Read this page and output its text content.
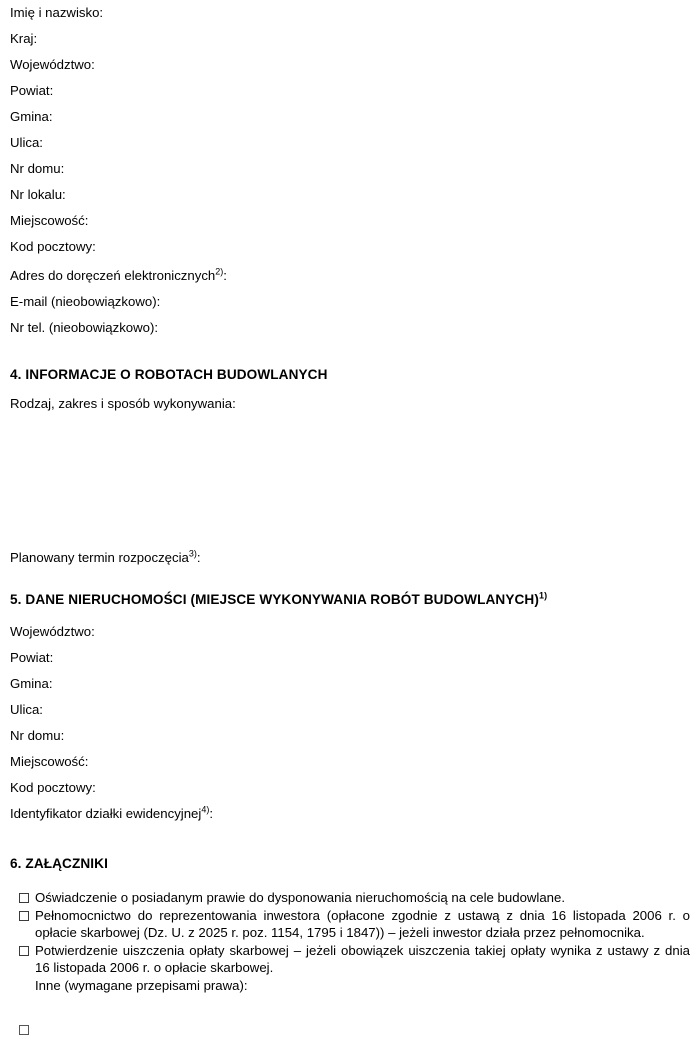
Imię i nazwisko:
Kraj:
Województwo:
Powiat:
Gmina:
Ulica:
Nr domu:
Nr lokalu:
Miejscowość:
Kod pocztowy:
Adres do doręczeń elektronicznych$^{2)}$:
E-mail (nieobowiązkowo):
Nr tel. (nieobowiązkowo):
4. INFORMACJE O ROBOTACH BUDOWLANYCH
Rodzaj, zakres i sposób wykonywania:
Planowany termin rozpoczęcia$^{3)}$:
5. DANE NIERUCHOMOŚCI (MIEJSCE WYKONYWANIA ROBÓT BUDOWLANYCH)$^{1)}$
Województwo:
Powiat:
Gmina:
Ulica:
Nr domu:
Miejscowość:
Kod pocztowy:
Identyfikator działki ewidencyjnej$^{4)}$:
6. ZAŁĄCZNIKI
Oświadczenie o posiadanym prawie do dysponowania nieruchomością na cele budowlane.
Pełnomocnictwo do reprezentowania inwestora (opłacone zgodnie z ustawą z dnia 16 listopada 2006 r. o opłacie skarbowej (Dz. U. z 2025 r. poz. 1154, 1795 i 1847)) – jeżeli inwestor działa przez pełnomocnika.
Potwierdzenie uiszczenia opłaty skarbowej – jeżeli obowiązek uiszczenia takiej opłaty wynika z ustawy z dnia 16 listopada 2006 r. o opłacie skarbowej.
Inne (wymagane przepisami prawa):
